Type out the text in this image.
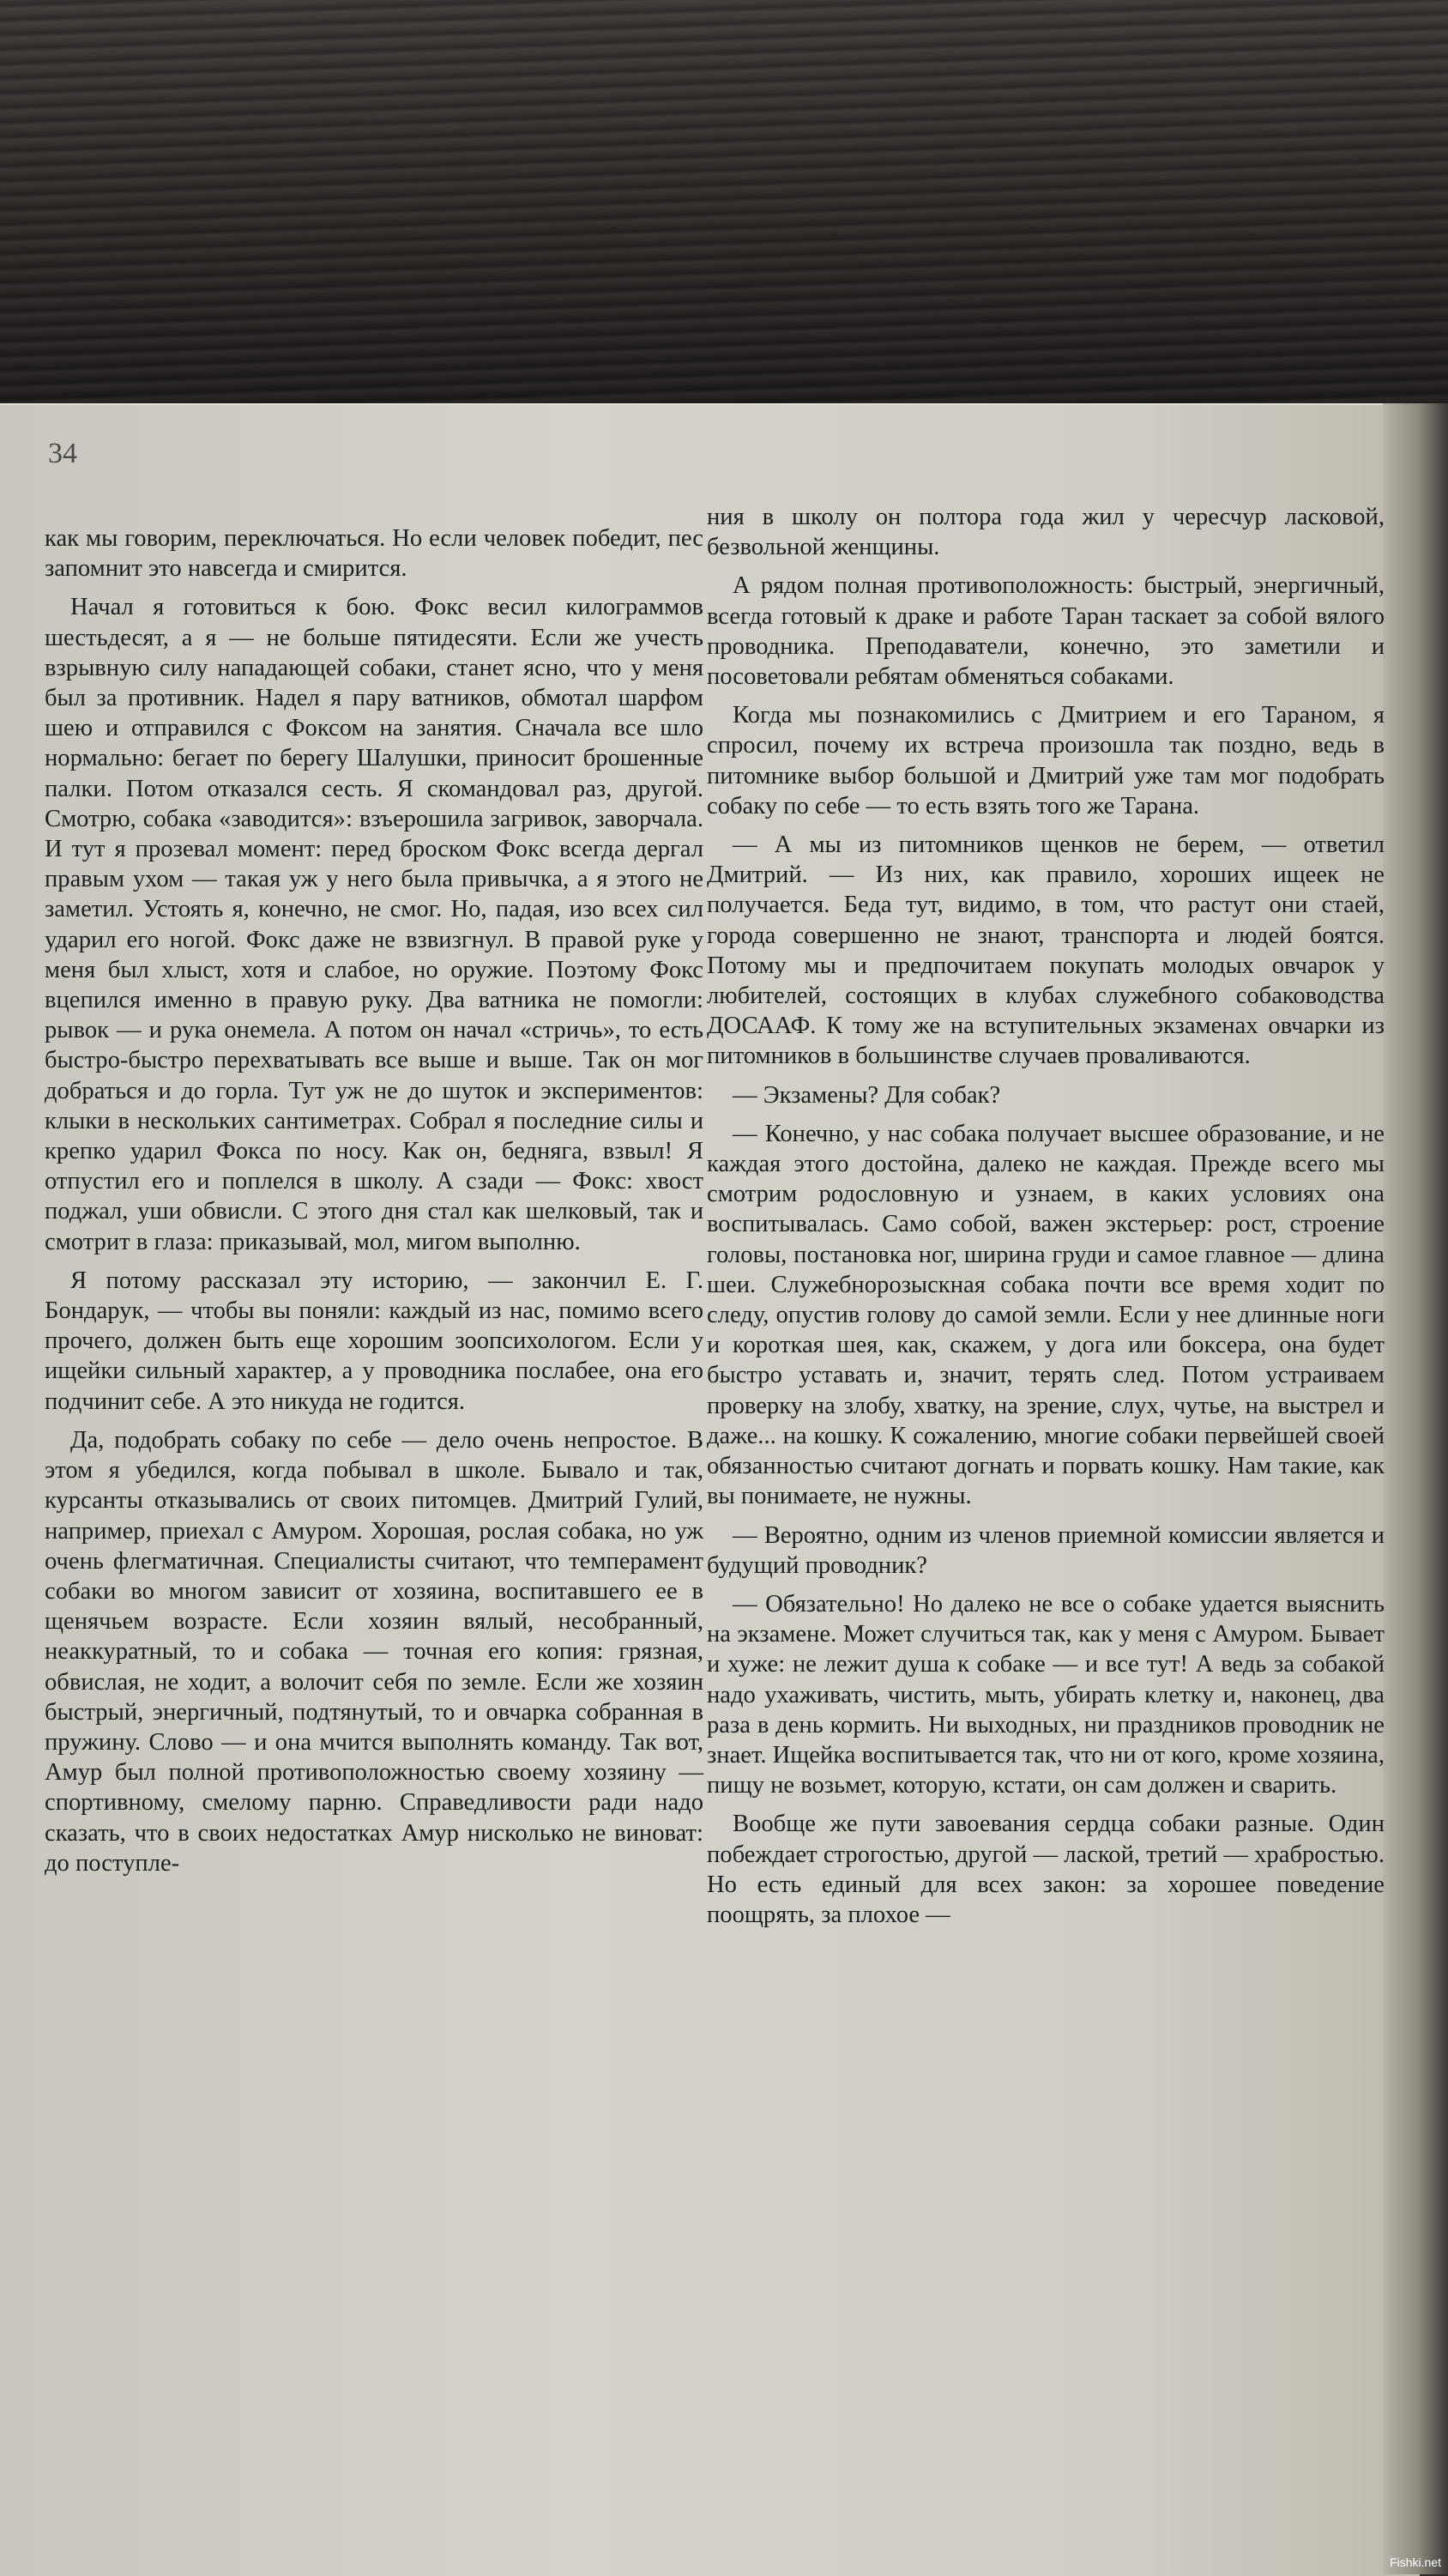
34

как мы говорим, переключаться. Но если человек победит, пес запомнит это навсегда и смирится.

Начал я готовиться к бою. Фокс весил килограммов шестьдесят, а я — не больше пятидесяти. Если же учесть взрывную силу нападающей собаки, станет ясно, что у меня был за противник. Надел я пару ватников, обмотал шарфом шею и отправился с Фоксом на занятия. Сначала все шло нормально: бегает по берегу Шалушки, приносит брошенные палки. Потом отказался сесть. Я скомандовал раз, другой. Смотрю, собака «заводится»: взъерошила загривок, заворчала. И тут я прозевал момент: перед броском Фокс всегда дергал правым ухом — такая уж у него была привычка, а я этого не заметил. Устоять я, конечно, не смог. Но, падая, изо всех сил ударил его ногой. Фокс даже не взвизгнул. В правой руке у меня был хлыст, хотя и слабое, но оружие. Поэтому Фокс вцепился именно в правую руку. Два ватника не помогли: рывок — и рука онемела. А потом он начал «стричь», то есть быстро-быстро перехватывать все выше и выше. Так он мог добраться и до горла. Тут уж не до шуток и экспериментов: клыки в нескольких сантиметрах. Собрал я последние силы и крепко ударил Фокса по носу. Как он, бедняга, взвыл! Я отпустил его и поплелся в школу. А сзади — Фокс: хвост поджал, уши обвисли. С этого дня стал как шелковый, так и смотрит в глаза: приказывай, мол, мигом выполню.

Я потому рассказал эту историю, — закончил Е. Г. Бондарук, — чтобы вы поняли: каждый из нас, помимо всего прочего, должен быть еще хорошим зоопсихологом. Если у ищейки сильный характер, а у проводника послабее, она его подчинит себе. А это никуда не годится.

Да, подобрать собаку по себе — дело очень непростое. В этом я убедился, когда побывал в школе. Бывало и так, курсанты отказывались от своих питомцев. Дмитрий Гулий, например, приехал с Амуром. Хорошая, рослая собака, но уж очень флегматичная. Специалисты считают, что темперамент собаки во многом зависит от хозяина, воспитавшего ее в щенячьем возрасте. Если хозяин вялый, несобранный, неаккуратный, то и собака — точная его копия: грязная, обвислая, не ходит, а волочит себя по земле. Если же хозяин быстрый, энергичный, подтянутый, то и овчарка собранная в пружину. Слово — и она мчится выполнять команду. Так вот, Амур был полной противоположностью своему хозяину — спортивному, смелому парню. Справедливости ради надо сказать, что в своих недостатках Амур нисколько не виноват: до поступле-

ния в школу он полтора года жил у чересчур ласковой, безвольной женщины.

А рядом полная противоположность: быстрый, энергичный, всегда готовый к драке и работе Таран таскает за собой вялого проводника. Преподаватели, конечно, это заметили и посоветовали ребятам обменяться собаками.

Когда мы познакомились с Дмитрием и его Тараном, я спросил, почему их встреча произошла так поздно, ведь в питомнике выбор большой и Дмитрий уже там мог подобрать собаку по себе — то есть взять того же Тарана.

— А мы из питомников щенков не берем, — ответил Дмитрий. — Из них, как правило, хороших ищеек не получается. Беда тут, видимо, в том, что растут они стаей, города совершенно не знают, транспорта и людей боятся. Потому мы и предпочитаем покупать молодых овчарок у любителей, состоящих в клубах служебного собаководства ДОСААФ. К тому же на вступительных экзаменах овчарки из питомников в большинстве случаев проваливаются.

— Экзамены? Для собак?

— Конечно, у нас собака получает высшее образование, и не каждая этого достойна, далеко не каждая. Прежде всего мы смотрим родословную и узнаем, в каких условиях она воспитывалась. Само собой, важен экстерьер: рост, строение головы, постановка ног, ширина груди и самое главное — длина шеи. Служебнорозыскная собака почти все время ходит по следу, опустив голову до самой земли. Если у нее длинные ноги и короткая шея, как, скажем, у дога или боксера, она будет быстро уставать и, значит, терять след. Потом устраиваем проверку на злобу, хватку, на зрение, слух, чутье, на выстрел и даже... на кошку. К сожалению, многие собаки первейшей своей обязанностью считают догнать и порвать кошку. Нам такие, как вы понимаете, не нужны.

— Вероятно, одним из членов приемной комиссии является и будущий проводник?

— Обязательно! Но далеко не все о собаке удается выяснить на экзамене. Может случиться так, как у меня с Амуром. Бывает и хуже: не лежит душа к собаке — и все тут! А ведь за собакой надо ухаживать, чистить, мыть, убирать клетку и, наконец, два раза в день кормить. Ни выходных, ни праздников проводник не знает. Ищейка воспитывается так, что ни от кого, кроме хозяина, пищу не возьмет, которую, кстати, он сам должен и сварить.

Вообще же пути завоевания сердца собаки разные. Один побеждает строгостью, другой — лаской, третий — храбростью. Но есть единый для всех закон: за хорошее поведение поощрять, за плохое —

Fishki.net
